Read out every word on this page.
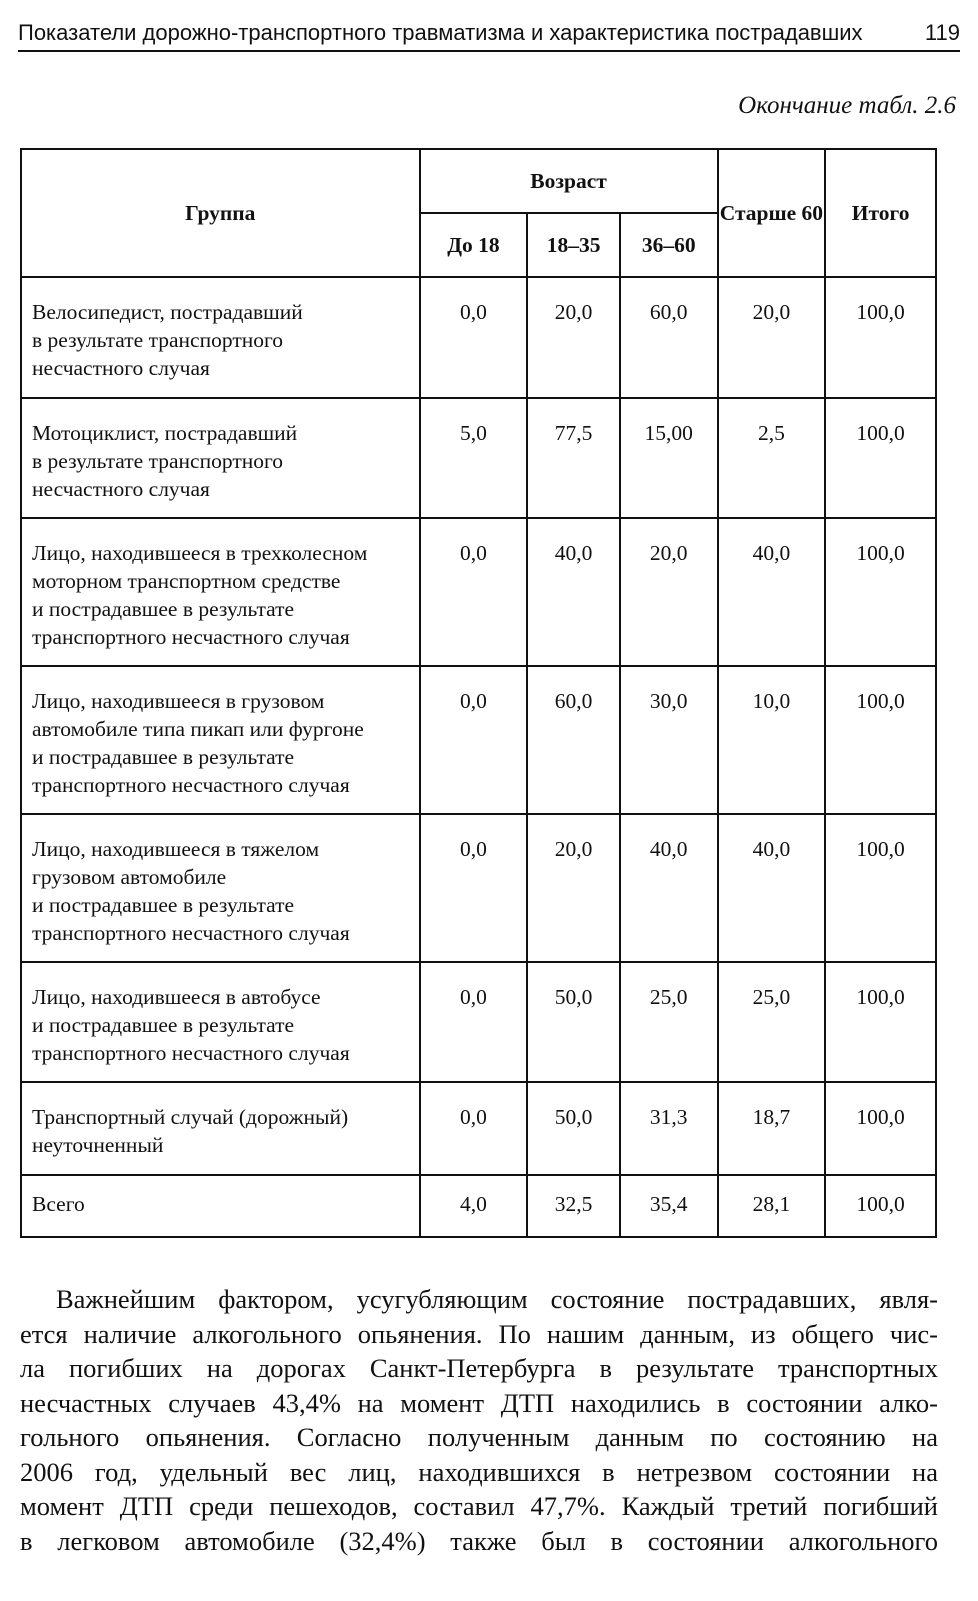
Показатели дорожно-транспортного травматизма и характеристика пострадавших	119
Окончание табл. 2.6
Группа	Возраст			Старше 60	Итого
	До 18	18–35	36–60		

Велосипедист, пострадавший
в результате транспортного
несчастного случая	0,0	20,0	60,0	20,0	100,0

Мотоциклист, пострадавший
в результате транспортного
несчастного случая	5,0	77,5	15,00	2,5	100,0

Лицо, находившееся в трехколесном
моторном транспортном средстве
и пострадавшее в результате
транспортного несчастного случая	0,0	40,0	20,0	40,0	100,0

Лицо, находившееся в грузовом
автомобиле типа пикап или фургоне
и пострадавшее в результате
транспортного несчастного случая	0,0	60,0	30,0	10,0	100,0

Лицо, находившееся в тяжелом
грузовом автомобиле
и пострадавшее в результате
транспортного несчастного случая	0,0	20,0	40,0	40,0	100,0

Лицо, находившееся в автобусе
и пострадавшее в результате
транспортного несчастного случая	0,0	50,0	25,0	25,0	100,0

Транспортный случай (дорожный)
неуточненный	0,0	50,0	31,3	18,7	100,0

Всего	4,0	32,5	35,4	28,1	100,0
Важнейшим фактором, усугубляющим состояние пострадавших, явля-
ется наличие алкогольного опьянения. По нашим данным, из общего чис-
ла погибших на дорогах Санкт-Петербурга в результате транспортных
несчастных случаев 43,4% на момент ДТП находились в состоянии алко-
гольного опьянения. Согласно полученным данным по состоянию на
2006 год, удельный вес лиц, находившихся в нетрезвом состоянии на
момент ДТП среди пешеходов, составил 47,7%. Каждый третий погибший
в легковом автомобиле (32,4%) также был в состоянии алкогольного
